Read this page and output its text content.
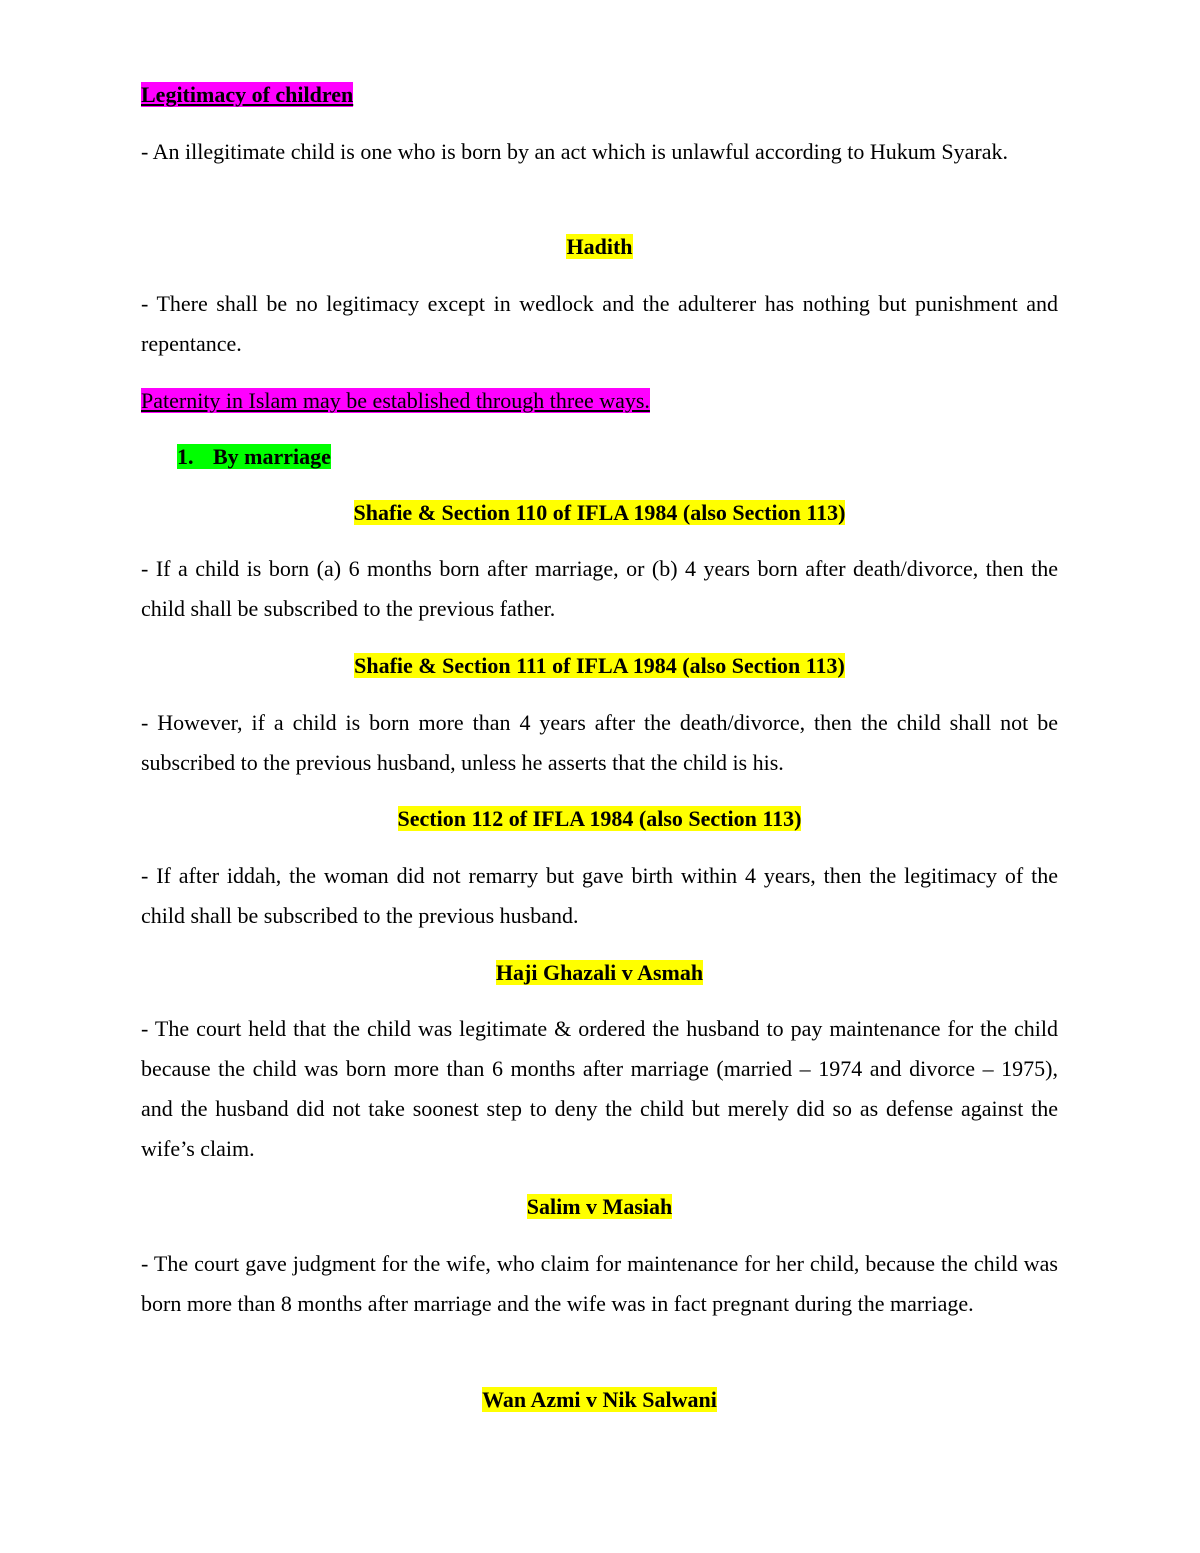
Legitimacy of children

- An illegitimate child is one who is born by an act which is unlawful according to Hukum Syarak.

Hadith

- There shall be no legitimacy except in wedlock and the adulterer has nothing but punishment and repentance.

Paternity in Islam may be established through three ways.

1. By marriage

Shafie & Section 110 of IFLA 1984 (also Section 113)

- If a child is born (a) 6 months born after marriage, or (b) 4 years born after death/divorce, then the child shall be subscribed to the previous father.

Shafie & Section 111 of IFLA 1984 (also Section 113)

- However, if a child is born more than 4 years after the death/divorce, then the child shall not be subscribed to the previous husband, unless he asserts that the child is his.

Section 112 of IFLA 1984 (also Section 113)

- If after iddah, the woman did not remarry but gave birth within 4 years, then the legitimacy of the child shall be subscribed to the previous husband.

Haji Ghazali v Asmah

- The court held that the child was legitimate & ordered the husband to pay maintenance for the child because the child was born more than 6 months after marriage (married – 1974 and divorce – 1975), and the husband did not take soonest step to deny the child but merely did so as defense against the wife’s claim.

Salim v Masiah

- The court gave judgment for the wife, who claim for maintenance for her child, because the child was born more than 8 months after marriage and the wife was in fact pregnant during the marriage.

Wan Azmi v Nik Salwani
